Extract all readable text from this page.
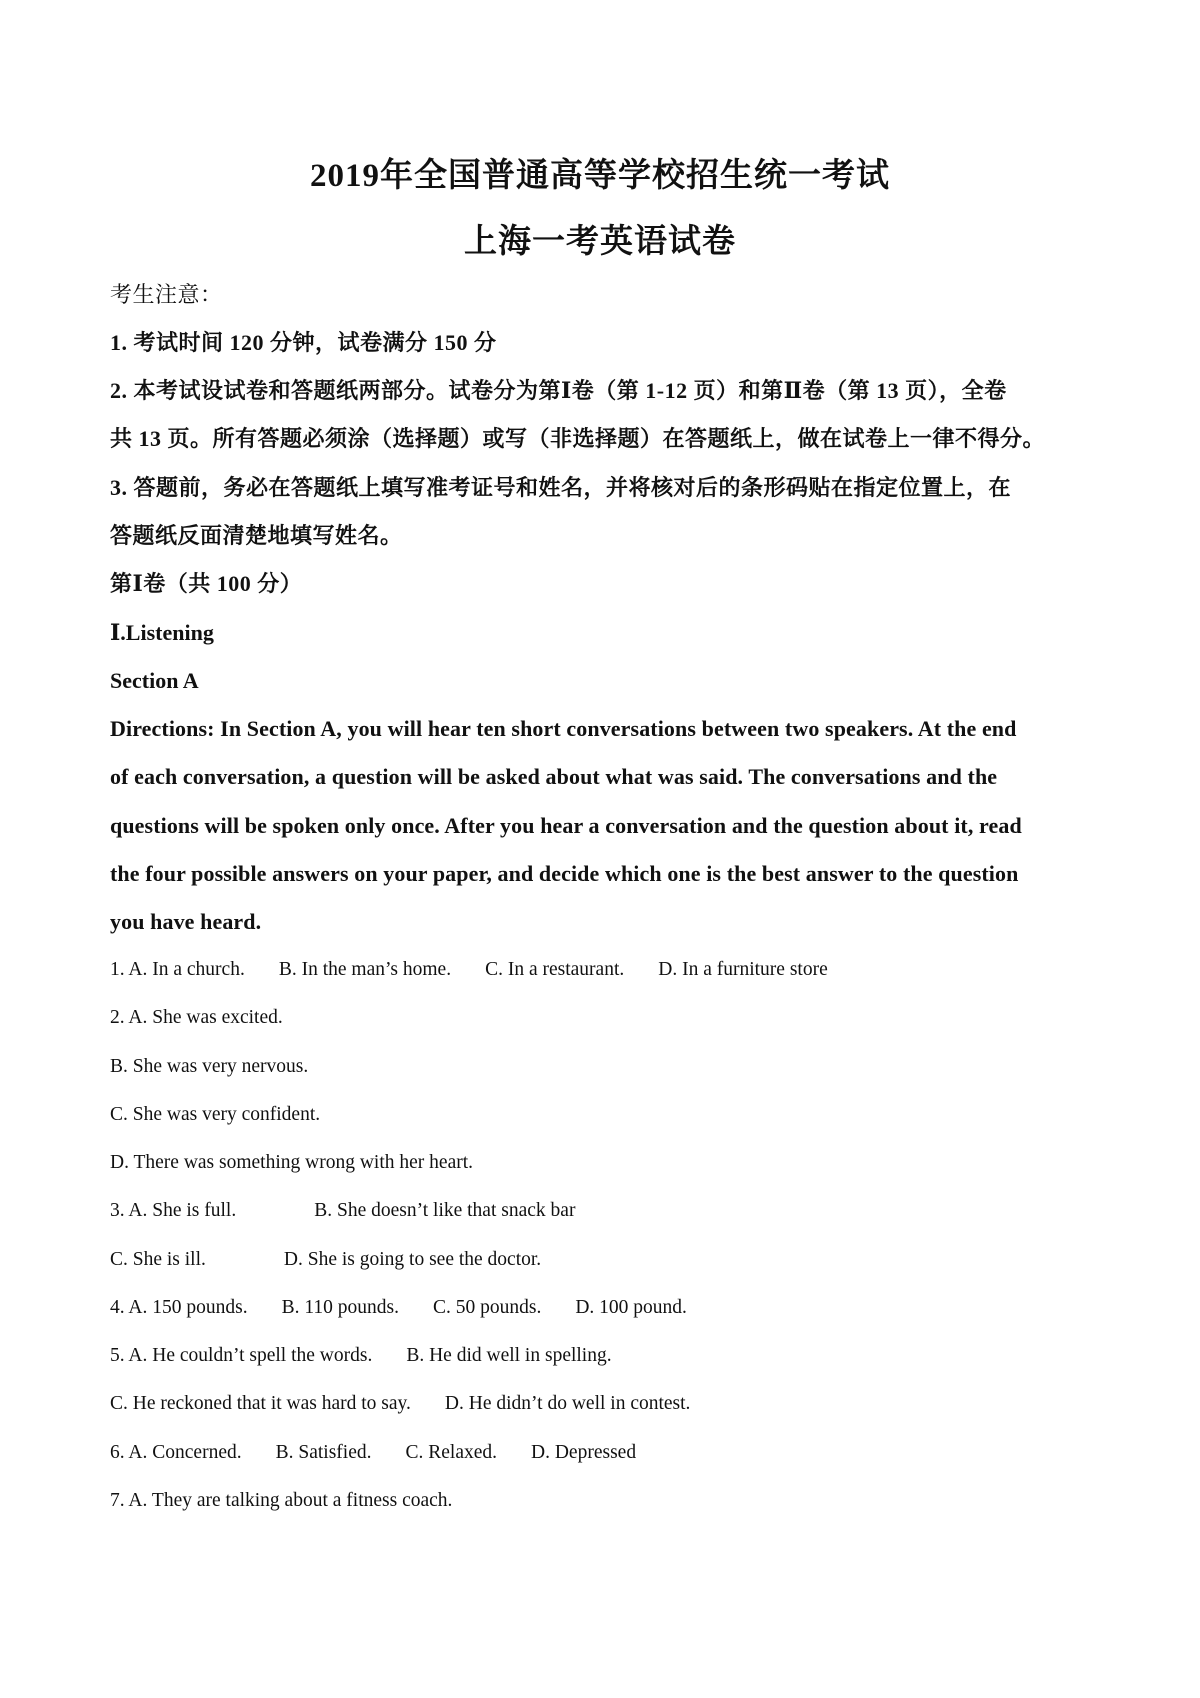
2019年全国普通高等学校招生统一考试
上海一考英语试卷
考生注意：
1. 考试时间 120 分钟，试卷满分 150 分
2. 本考试设试卷和答题纸两部分。试卷分为第Ⅰ卷（第 1-12 页）和第Ⅱ卷（第 13 页），全卷
共 13 页。所有答题必须涂（选择题）或写（非选择题）在答题纸上，做在试卷上一律不得分。
3. 答题前，务必在答题纸上填写准考证号和姓名，并将核对后的条形码贴在指定位置上，在
答题纸反面清楚地填写姓名。
第Ⅰ卷（共 100 分）
Ⅰ.Listening
Section A
Directions: In Section A, you will hear ten short conversations between two speakers. At the end
of each conversation, a question will be asked about what was said. The conversations and the
questions will be spoken only once. After you hear a conversation and the question about it, read
the four possible answers on your paper, and decide which one is the best answer to the question
you have heard.
1. A. In a church. B. In the man’s home. C. In a restaurant. D. In a furniture store
2. A. She was excited.
B. She was very nervous.
C. She was very confident.
D. There was something wrong with her heart.
3. A. She is full.	B. She doesn’t like that snack bar
C. She is ill.	D. She is going to see the doctor.
4. A. 150 pounds. B. 110 pounds. C. 50 pounds. D. 100 pound.
5. A. He couldn’t spell the words. B. He did well in spelling.
C. He reckoned that it was hard to say. D. He didn’t do well in contest.
6. A. Concerned. B. Satisfied. C. Relaxed. D. Depressed
7. A. They are talking about a fitness coach.
